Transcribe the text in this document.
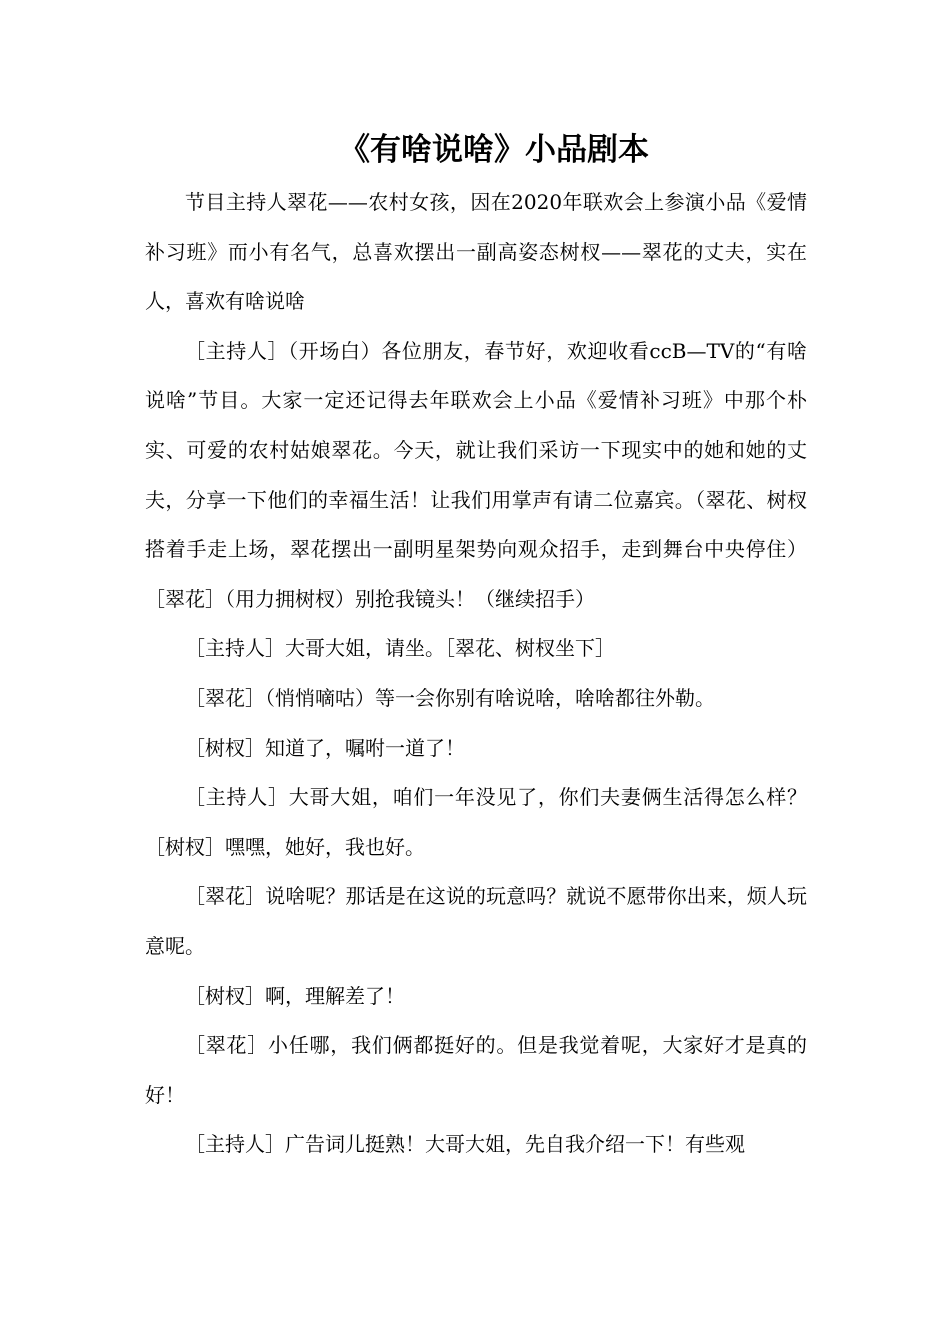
《有啥说啥》小品剧本

节目主持人翠花——农村女孩，因在2020年联欢会上参演小品《爱情补习班》而小有名气，总喜欢摆出一副高姿态树杈——翠花的丈夫，实在人，喜欢有啥说啥

［主持人］（开场白）各位朋友，春节好，欢迎收看ccB—TV的“有啥说啥”节目。大家一定还记得去年联欢会上小品《爱情补习班》中那个朴实、可爱的农村姑娘翠花。今天，就让我们采访一下现实中的她和她的丈夫，分享一下他们的幸福生活！让我们用掌声有请二位嘉宾。（翠花、树杈搭着手走上场，翠花摆出一副明星架势向观众招手，走到舞台中央停住）［翠花］（用力拥树杈）别抢我镜头！（继续招手）

［主持人］大哥大姐，请坐。［翠花、树杈坐下］

［翠花］（悄悄嘀咕）等一会你别有啥说啥，啥啥都往外勒。

［树杈］知道了，嘱咐一道了！

［主持人］大哥大姐，咱们一年没见了，你们夫妻俩生活得怎么样？［树杈］嘿嘿，她好，我也好。

［翠花］说啥呢？那话是在这说的玩意吗？就说不愿带你出来，烦人玩意呢。

［树杈］啊，理解差了！

［翠花］小任哪，我们俩都挺好的。但是我觉着呢，大家好才是真的好！

［主持人］广告词儿挺熟！大哥大姐，先自我介绍一下！有些观
